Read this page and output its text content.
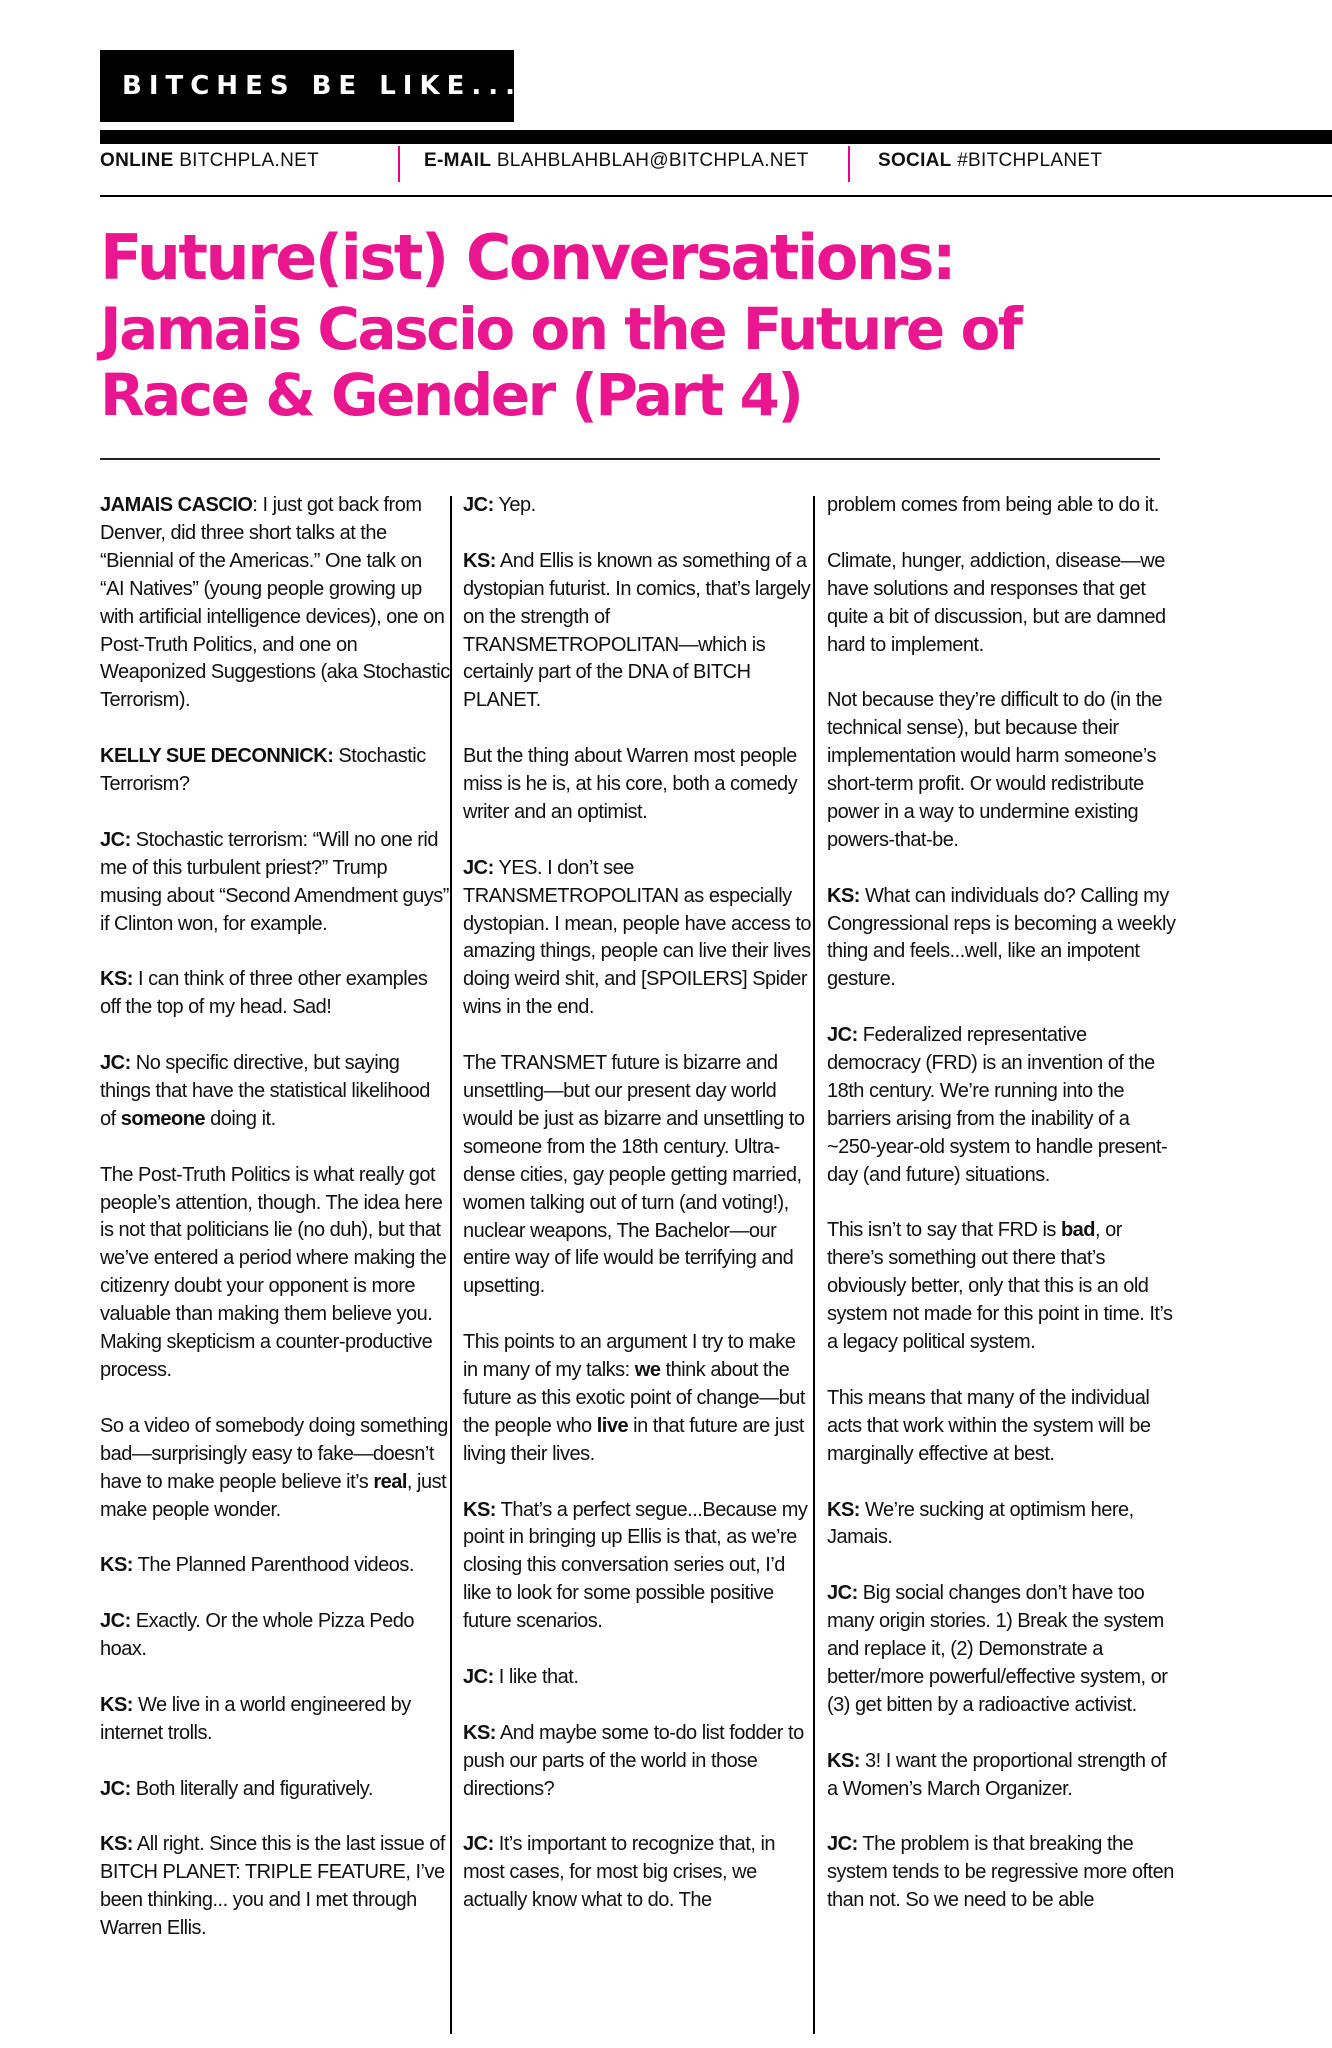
BITCHES BE LIKE...
ONLINE BITCHPLA.NET	E-MAIL BLAHBLAHBLAH@BITCHPLA.NET	SOCIAL #BITCHPLANET
Future(ist) Conversations:
Jamais Cascio on the Future of
Race & Gender (Part 4)

JAMAIS CASCIO: I just got back from Denver, did three short talks at the “Biennial of the Americas.” One talk on “AI Natives” (young people growing up with artificial intelligence devices), one on Post-Truth Politics, and one on Weaponized Suggestions (aka Stochastic Terrorism).

KELLY SUE DECONNICK: Stochastic Terrorism?

JC: Stochastic terrorism: “Will no one rid me of this turbulent priest?” Trump musing about “Second Amendment guys” if Clinton won, for example.

KS: I can think of three other examples off the top of my head. Sad!

JC: No specific directive, but saying things that have the statistical likelihood of someone doing it.

The Post-Truth Politics is what really got people’s attention, though. The idea here is not that politicians lie (no duh), but that we’ve entered a period where making the citizenry doubt your opponent is more valuable than making them believe you. Making skepticism a counter-productive process.

So a video of somebody doing something bad—surprisingly easy to fake—doesn’t have to make people believe it’s real, just make people wonder.

KS: The Planned Parenthood videos.

JC: Exactly. Or the whole Pizza Pedo hoax.

KS: We live in a world engineered by internet trolls.

JC: Both literally and figuratively.

KS: All right. Since this is the last issue of BITCH PLANET: TRIPLE FEATURE, I’ve been thinking... you and I met through Warren Ellis.

JC: Yep.

KS: And Ellis is known as something of a dystopian futurist. In comics, that’s largely on the strength of TRANSMETROPOLITAN—which is certainly part of the DNA of BITCH PLANET.

But the thing about Warren most people miss is he is, at his core, both a comedy writer and an optimist.

JC: YES. I don’t see TRANSMETROPOLITAN as especially dystopian. I mean, people have access to amazing things, people can live their lives doing weird shit, and [SPOILERS] Spider wins in the end.

The TRANSMET future is bizarre and unsettling—but our present day world would be just as bizarre and unsettling to someone from the 18th century. Ultra-dense cities, gay people getting married, women talking out of turn (and voting!), nuclear weapons, The Bachelor—our entire way of life would be terrifying and upsetting.

This points to an argument I try to make in many of my talks: we think about the future as this exotic point of change—but the people who live in that future are just living their lives.

KS: That’s a perfect segue...Because my point in bringing up Ellis is that, as we’re closing this conversation series out, I’d like to look for some possible positive future scenarios.

JC: I like that.

KS: And maybe some to-do list fodder to push our parts of the world in those directions?

JC: It’s important to recognize that, in most cases, for most big crises, we actually know what to do. The

problem comes from being able to do it.

Climate, hunger, addiction, disease—we have solutions and responses that get quite a bit of discussion, but are damned hard to implement.

Not because they’re difficult to do (in the technical sense), but because their implementation would harm someone’s short-term profit. Or would redistribute power in a way to undermine existing powers-that-be.

KS: What can individuals do? Calling my Congressional reps is becoming a weekly thing and feels...well, like an impotent gesture.

JC: Federalized representative democracy (FRD) is an invention of the 18th century. We’re running into the barriers arising from the inability of a ~250-year-old system to handle present-day (and future) situations.

This isn’t to say that FRD is bad, or there’s something out there that’s obviously better, only that this is an old system not made for this point in time. It’s a legacy political system.

This means that many of the individual acts that work within the system will be marginally effective at best.

KS: We’re sucking at optimism here, Jamais.

JC: Big social changes don’t have too many origin stories. 1) Break the system and replace it, (2) Demonstrate a better/more powerful/effective system, or (3) get bitten by a radioactive activist.

KS: 3! I want the proportional strength of a Women’s March Organizer.

JC: The problem is that breaking the system tends to be regressive more often than not. So we need to be able
